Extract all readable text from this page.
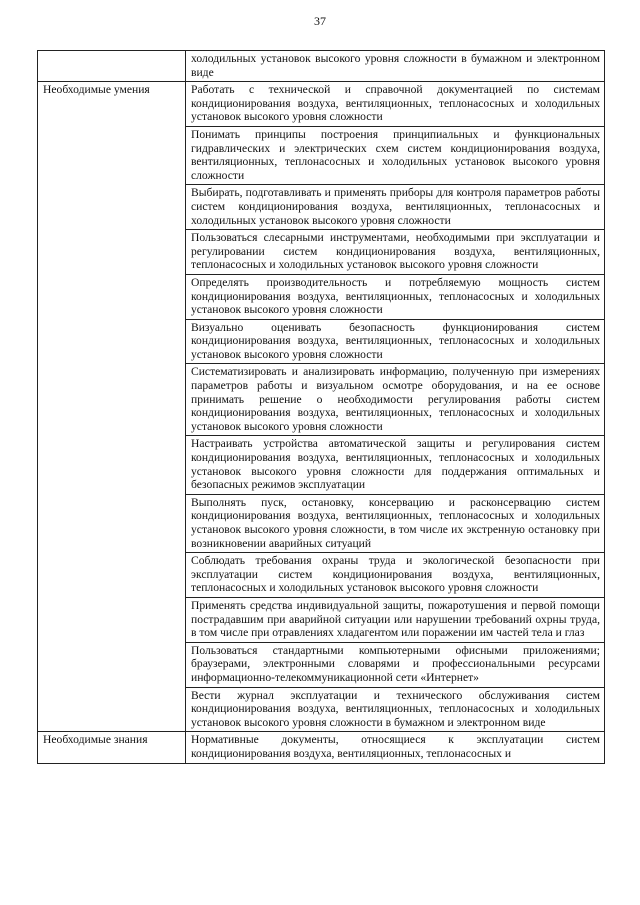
37

	холодильных установок высокого уровня сложности в бумажном и электронном виде

Необходимые умения	Работать с технической и справочной документацией по системам кондиционирования воздуха, вентиляционных, теплонасосных и холодильных установок высокого уровня сложности

	Понимать принципы построения принципиальных и функциональных гидравлических и электрических схем систем кондиционирования воздуха, вентиляционных, теплонасосных и холодильных установок высокого уровня сложности

	Выбирать, подготавливать и применять приборы для контроля параметров работы систем кондиционирования воздуха, вентиляционных, теплонасосных и холодильных установок высокого уровня сложности

	Пользоваться слесарными инструментами, необходимыми при эксплуатации и регулировании систем кондиционирования воздуха, вентиляционных, теплонасосных и холодильных установок высокого уровня сложности

	Определять производительность и потребляемую мощность систем кондиционирования воздуха, вентиляционных, теплонасосных и холодильных установок высокого уровня сложности

	Визуально оценивать безопасность функционирования систем кондиционирования воздуха, вентиляционных, теплонасосных и холодильных установок высокого уровня сложности

	Систематизировать и анализировать информацию, полученную при измерениях параметров работы и визуальном осмотре оборудования, и на ее основе принимать решение о необходимости регулирования работы систем кондиционирования воздуха, вентиляционных, теплонасосных и холодильных установок высокого уровня сложности

	Настраивать устройства автоматической защиты и регулирования систем кондиционирования воздуха, вентиляционных, теплонасосных и холодильных установок высокого уровня сложности для поддержания оптимальных и безопасных режимов эксплуатации

	Выполнять пуск, остановку, консервацию и расконсервацию систем кондиционирования воздуха, вентиляционных, теплонасосных и холодильных установок высокого уровня сложности, в том числе их экстренную остановку при возникновении аварийных ситуаций

	Соблюдать требования охраны труда и экологической безопасности при эксплуатации систем кондиционирования воздуха, вентиляционных, теплонасосных и холодильных установок высокого уровня сложности

	Применять средства индивидуальной защиты, пожаротушения и первой помощи пострадавшим при аварийной ситуации или нарушении требований охрны труда, в том числе при отравлениях хладагентом или поражении им частей тела и глаз

	Пользоваться стандартными компьютерными офисными приложениями; браузерами, электронными словарями и профессиональными ресурсами информационно-телекоммуникационной сети «Интернет»

	Вести журнал эксплуатации и технического обслуживания систем кондиционирования воздуха, вентиляционных, теплонасосных и холодильных установок высокого уровня сложности в бумажном и электронном виде

Необходимые знания	Нормативные документы, относящиеся к эксплуатации систем кондиционирования воздуха, вентиляционных, теплонасосных и
